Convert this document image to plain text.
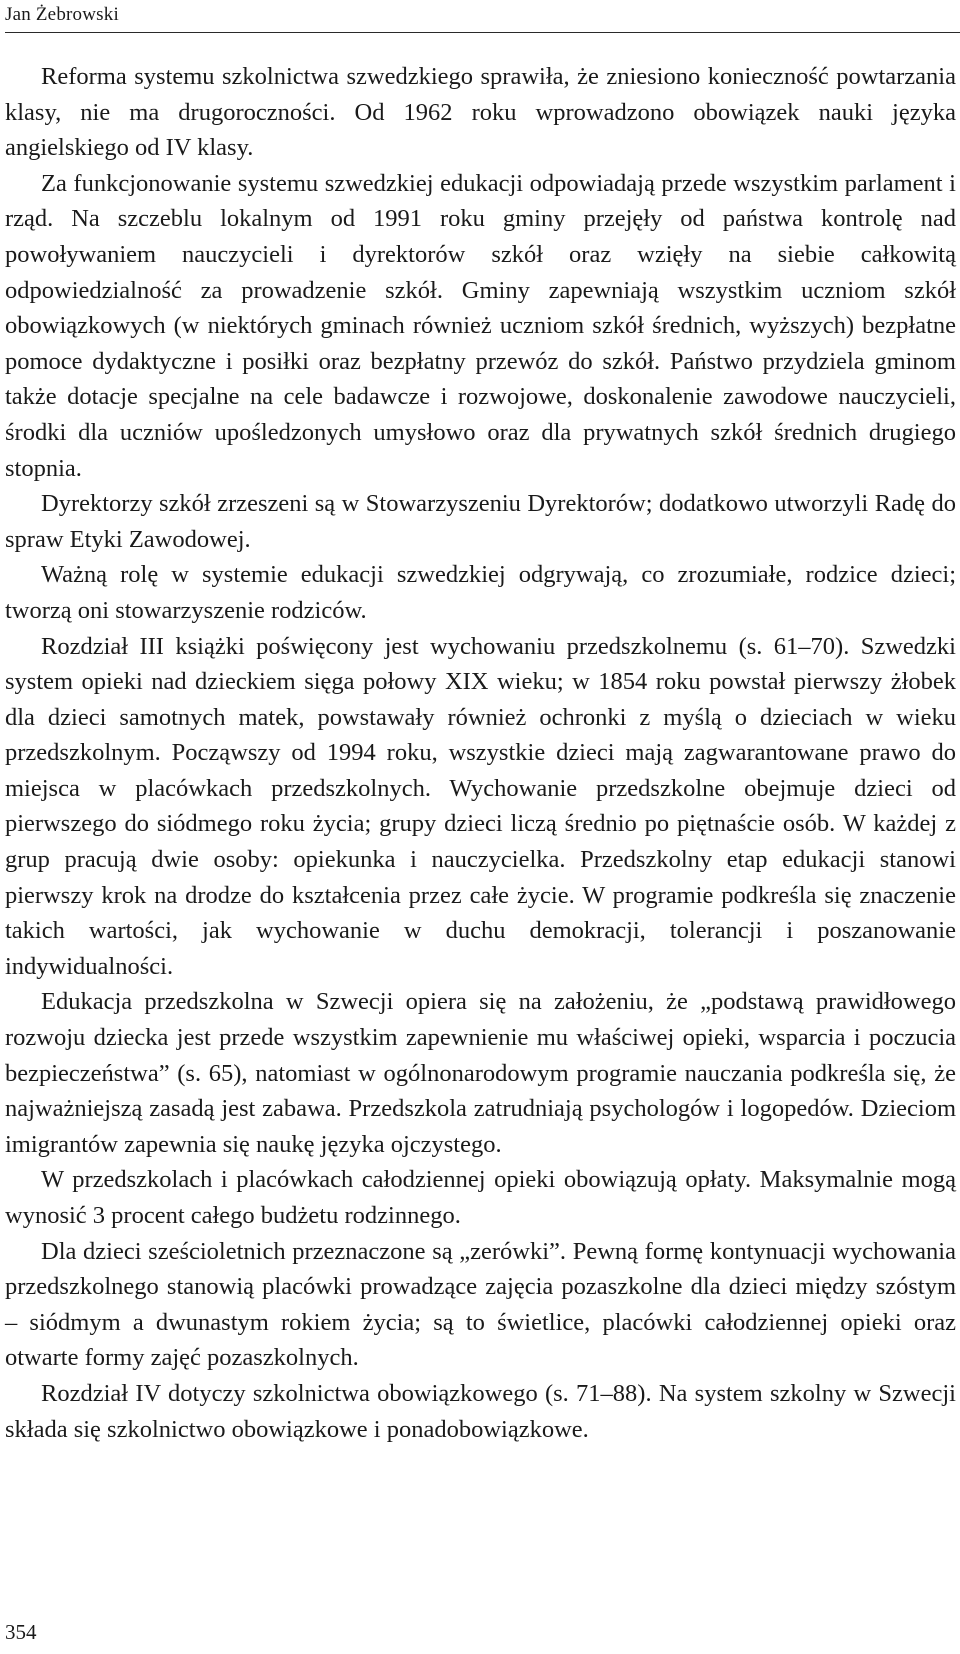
Jan Żebrowski

Reforma systemu szkolnictwa szwedzkiego sprawiła, że zniesiono konieczność powtarzania klasy, nie ma drugoroczności. Od 1962 roku wprowadzono obowiązek nauki języka angielskiego od IV klasy.

Za funkcjonowanie systemu szwedzkiej edukacji odpowiadają przede wszystkim parlament i rząd. Na szczeblu lokalnym od 1991 roku gminy przejęły od państwa kontrolę nad powoływaniem nauczycieli i dyrektorów szkół oraz wzięły na siebie całkowitą odpowiedzialność za prowadzenie szkół. Gminy zapewniają wszystkim uczniom szkół obowiązkowych (w niektórych gminach również uczniom szkół średnich, wyższych) bezpłatne pomoce dydaktyczne i posiłki oraz bezpłatny przewóz do szkół. Państwo przydziela gminom także dotacje specjalne na cele badawcze i rozwojowe, doskonalenie zawodowe nauczycieli, środki dla uczniów upośledzonych umysłowo oraz dla prywatnych szkół średnich drugiego stopnia.

Dyrektorzy szkół zrzeszeni są w Stowarzyszeniu Dyrektorów; dodatkowo utworzyli Radę do spraw Etyki Zawodowej.

Ważną rolę w systemie edukacji szwedzkiej odgrywają, co zrozumiałe, rodzice dzieci; tworzą oni stowarzyszenie rodziców.

Rozdział III książki poświęcony jest wychowaniu przedszkolnemu (s. 61–70). Szwedzki system opieki nad dzieckiem sięga połowy XIX wieku; w 1854 roku powstał pierwszy żłobek dla dzieci samotnych matek, powstawały również ochronki z myślą o dzieciach w wieku przedszkolnym. Począwszy od 1994 roku, wszystkie dzieci mają zagwarantowane prawo do miejsca w placówkach przedszkolnych. Wychowanie przedszkolne obejmuje dzieci od pierwszego do siódmego roku życia; grupy dzieci liczą średnio po piętnaście osób. W każdej z grup pracują dwie osoby: opiekunka i nauczycielka. Przedszkolny etap edukacji stanowi pierwszy krok na drodze do kształcenia przez całe życie. W programie podkreśla się znaczenie takich wartości, jak wychowanie w duchu demokracji, tolerancji i poszanowanie indywidualności.

Edukacja przedszkolna w Szwecji opiera się na założeniu, że „podstawą prawidłowego rozwoju dziecka jest przede wszystkim zapewnienie mu właściwej opieki, wsparcia i poczucia bezpieczeństwa” (s. 65), natomiast w ogólnonarodowym programie nauczania podkreśla się, że najważniejszą zasadą jest zabawa. Przedszkola zatrudniają psychologów i logopedów. Dzieciom imigrantów zapewnia się naukę języka ojczystego.

W przedszkolach i placówkach całodziennej opieki obowiązują opłaty. Maksymalnie mogą wynosić 3 procent całego budżetu rodzinnego.

Dla dzieci sześcioletnich przeznaczone są „zerówki”. Pewną formę kontynuacji wychowania przedszkolnego stanowią placówki prowadzące zajęcia pozaszkolne dla dzieci między szóstym – siódmym a dwunastym rokiem życia; są to świetlice, placówki całodziennej opieki oraz otwarte formy zajęć pozaszkolnych.

Rozdział IV dotyczy szkolnictwa obowiązkowego (s. 71–88). Na system szkolny w Szwecji składa się szkolnictwo obowiązkowe i ponadobowiązkowe.

354
